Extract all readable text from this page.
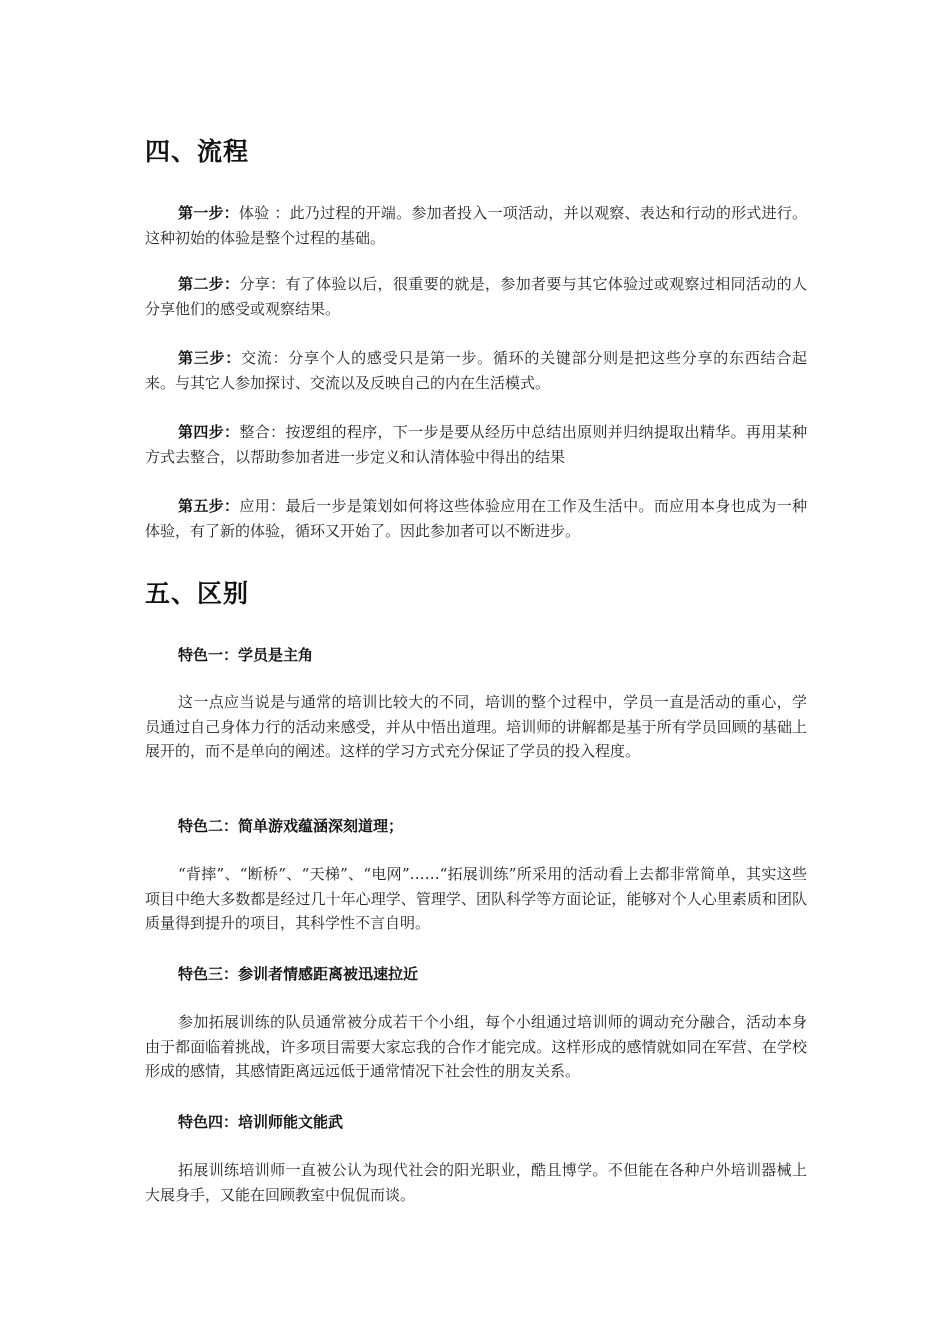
四、流程

第一步：体验 ：此乃过程的开端。参加者投入一项活动，并以观察、表达和行动的形式进行。这种初始的体验是整个过程的基础。

第二步：分享：有了体验以后，很重要的就是，参加者要与其它体验过或观察过相同活动的人分享他们的感受或观察结果。

第三步：交流：分享个人的感受只是第一步。循环的关键部分则是把这些分享的东西结合起来。与其它人参加探讨、交流以及反映自己的内在生活模式。

第四步：整合：按逻组的程序，下一步是要从经历中总结出原则并归纳提取出精华。再用某种方式去整合，以帮助参加者进一步定义和认清体验中得出的结果

第五步：应用：最后一步是策划如何将这些体验应用在工作及生活中。而应用本身也成为一种体验，有了新的体验，循环又开始了。因此参加者可以不断进步。

五、区别

特色一：学员是主角

这一点应当说是与通常的培训比较大的不同，培训的整个过程中，学员一直是活动的重心，学员通过自己身体力行的活动来感受，并从中悟出道理。培训师的讲解都是基于所有学员回顾的基础上展开的，而不是单向的阐述。这样的学习方式充分保证了学员的投入程度。

特色二：简单游戏蕴涵深刻道理；

“背摔”、“断桥”、“天梯”、“电网”……“拓展训练”所采用的活动看上去都非常简单，其实这些项目中绝大多数都是经过几十年心理学、管理学、团队科学等方面论证，能够对个人心里素质和团队质量得到提升的项目，其科学性不言自明。

特色三：参训者情感距离被迅速拉近

参加拓展训练的队员通常被分成若干个小组，每个小组通过培训师的调动充分融合，活动本身由于都面临着挑战，许多项目需要大家忘我的合作才能完成。这样形成的感情就如同在军营、在学校形成的感情，其感情距离远远低于通常情况下社会性的朋友关系。

特色四：培训师能文能武

拓展训练培训师一直被公认为现代社会的阳光职业，酷且博学。不但能在各种户外培训器械上大展身手，又能在回顾教室中侃侃而谈。
